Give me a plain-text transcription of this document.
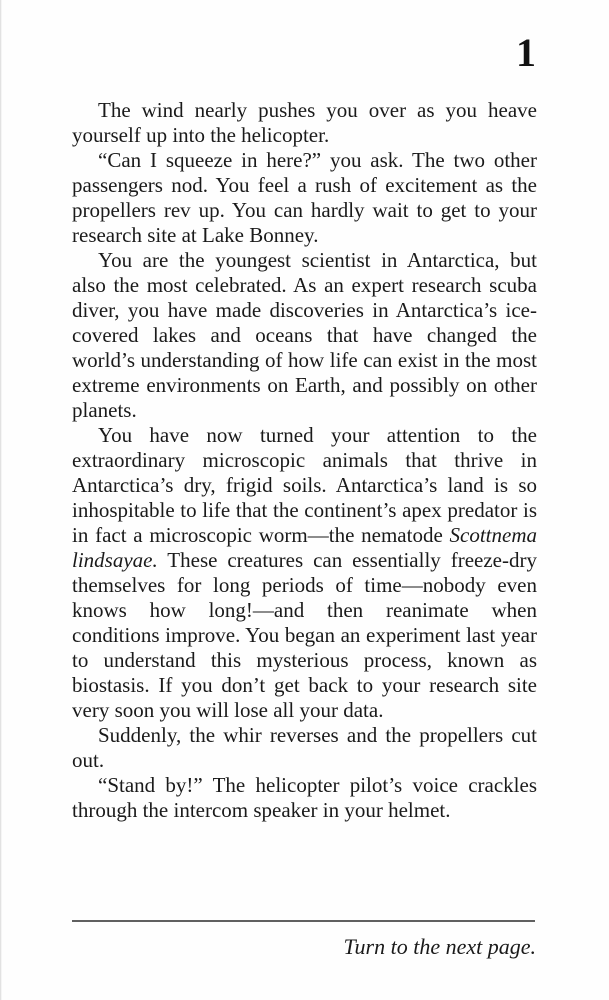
1

The wind nearly pushes you over as you heave yourself up into the helicopter.

“Can I squeeze in here?” you ask. The two other passengers nod. You feel a rush of excitement as the propellers rev up. You can hardly wait to get to your research site at Lake Bonney.

You are the youngest scientist in Antarctica, but also the most celebrated. As an expert research scuba diver, you have made discoveries in Antarctica’s ice-covered lakes and oceans that have changed the world’s understanding of how life can exist in the most extreme environments on Earth, and possibly on other planets.

You have now turned your attention to the extraordinary microscopic animals that thrive in Antarctica’s dry, frigid soils. Antarctica’s land is so inhospitable to life that the continent’s apex predator is in fact a microscopic worm—the nematode Scottnema lindsayae. These creatures can essentially freeze-dry themselves for long periods of time—nobody even knows how long!—and then reanimate when conditions improve. You began an experiment last year to understand this mysterious process, known as biostasis. If you don’t get back to your research site very soon you will lose all your data.

Suddenly, the whir reverses and the propellers cut out.

“Stand by!” The helicopter pilot’s voice crackles through the intercom speaker in your helmet.

Turn to the next page.
